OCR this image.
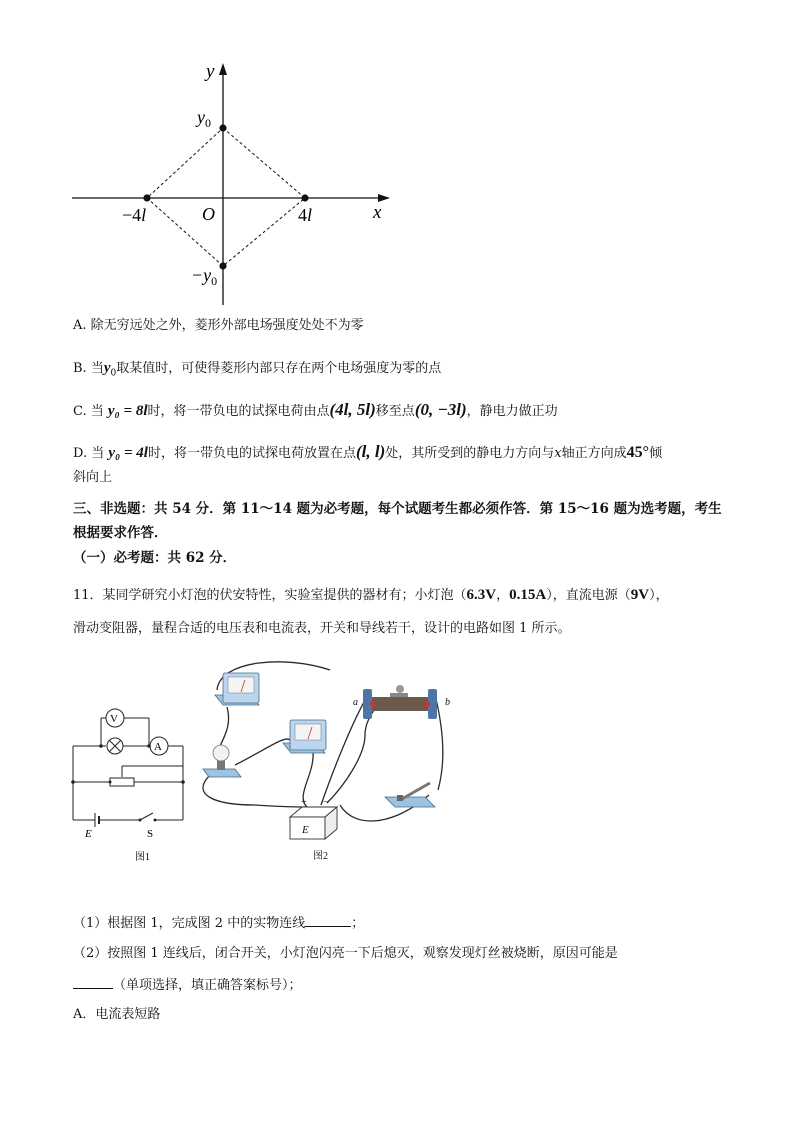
y
x
O
$y_0$
$-y_0$
−4l	4l
A. 除无穷远处之外，菱形外部电场强度处处不为零
B. 当$y_0$取某值时，可使得菱形内部只存在两个电场强度为零的点
C. 当 y₀ = 8l时，将一带负电的试探电荷由点(4l, 5l)移至点(0, −3l)，静电力做正功
D. 当 y₀ = 4l时，将一带负电的试探电荷放置在点(l, l)处，其所受到的静电力方向与x轴正方向成45°倾
斜向上
三、非选题：共 54 分．第 11～14 题为必考题，每个试题考生都必须作答．第 15～16 题为选考题，考生
根据要求作答．
（一）必考题：共 62 分．
11．某同学研究小灯泡的伏安特性，实验室提供的器材有；小灯泡（6.3V，0.15A），直流电源（9V），
滑动变阻器，量程合适的电压表和电流表，开关和导线若干，设计的电路如图 1 所示。
V
A
E	S
图1
a	b
E
+ −
图2
（1）根据图 1，完成图 2 中的实物连线	；
（2）按照图 1 连线后，闭合开关，小灯泡闪亮一下后熄灭，观察发现灯丝被烧断，原因可能是
（单项选择，填正确答案标号）；
A．电流表短路
